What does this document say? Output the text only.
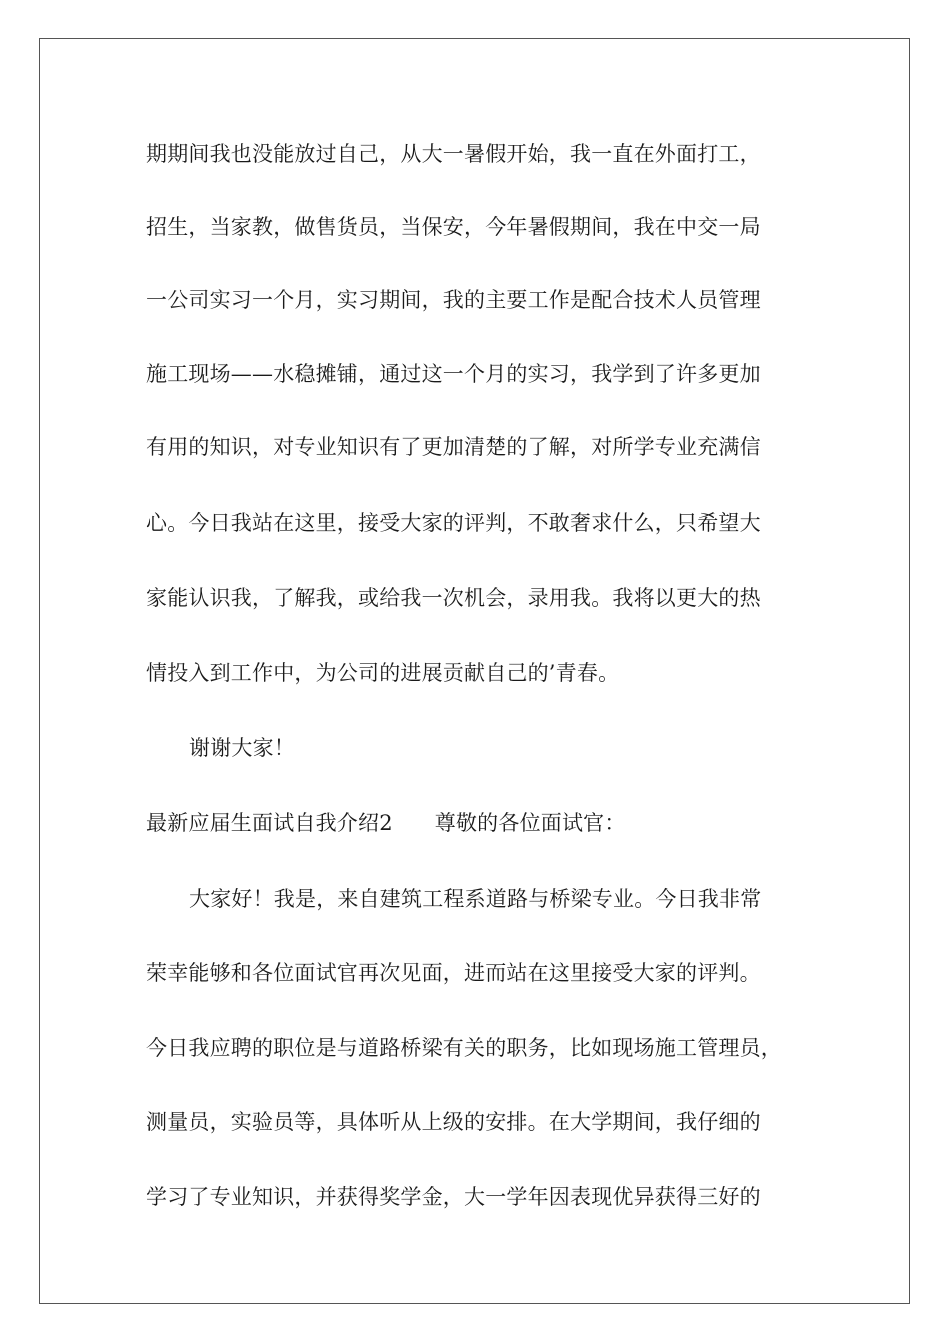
期期间我也没能放过自己，从大一暑假开始，我一直在外面打工，
招生，当家教，做售货员，当保安，今年暑假期间，我在中交一局
一公司实习一个月，实习期间，我的主要工作是配合技术人员管理
施工现场——水稳摊铺，通过这一个月的实习，我学到了许多更加
有用的知识，对专业知识有了更加清楚的了解，对所学专业充满信
心。今日我站在这里，接受大家的评判，不敢奢求什么，只希望大
家能认识我，了解我，或给我一次机会，录用我。我将以更大的热
情投入到工作中，为公司的进展贡献自己的’青春。
谢谢大家！
最新应届生面试自我介绍2 尊敬的各位面试官：
大家好！我是，来自建筑工程系道路与桥梁专业。今日我非常
荣幸能够和各位面试官再次见面，进而站在这里接受大家的评判。
今日我应聘的职位是与道路桥梁有关的职务，比如现场施工管理员，
测量员，实验员等，具体听从上级的安排。在大学期间，我仔细的
学习了专业知识，并获得奖学金，大一学年因表现优异获得三好的
